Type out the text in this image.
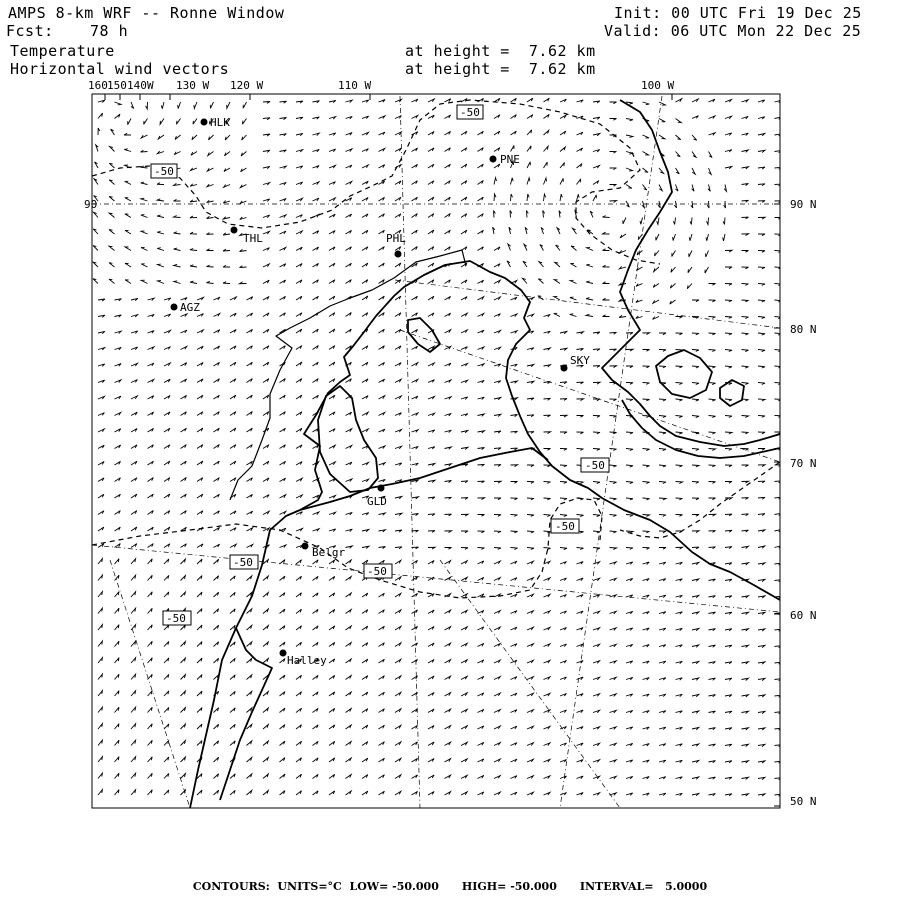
AMPS 8-km WRF -- Ronne Window
Fcst: 78 h
Init: 00 UTC Fri 19 Dec 25
Valid: 06 UTC Mon 22 Dec 25
Temperature
Horizontal wind vectors
at height =  7.62 km
at height =  7.62 km
HLK
PNE
THL	PHL
AGZ
SKY
GLD
Belgr
Halley
-50
-50
-50
-50
-50
-50
-50
160 150 140 W 130 W 120 W	110 W	100 W
90 N
80 N
70 N
60 N
50 N
90
CONTOURS:  UNITS=°C  LOW= -50.000      HIGH= -50.000      INTERVAL=   5.0000
